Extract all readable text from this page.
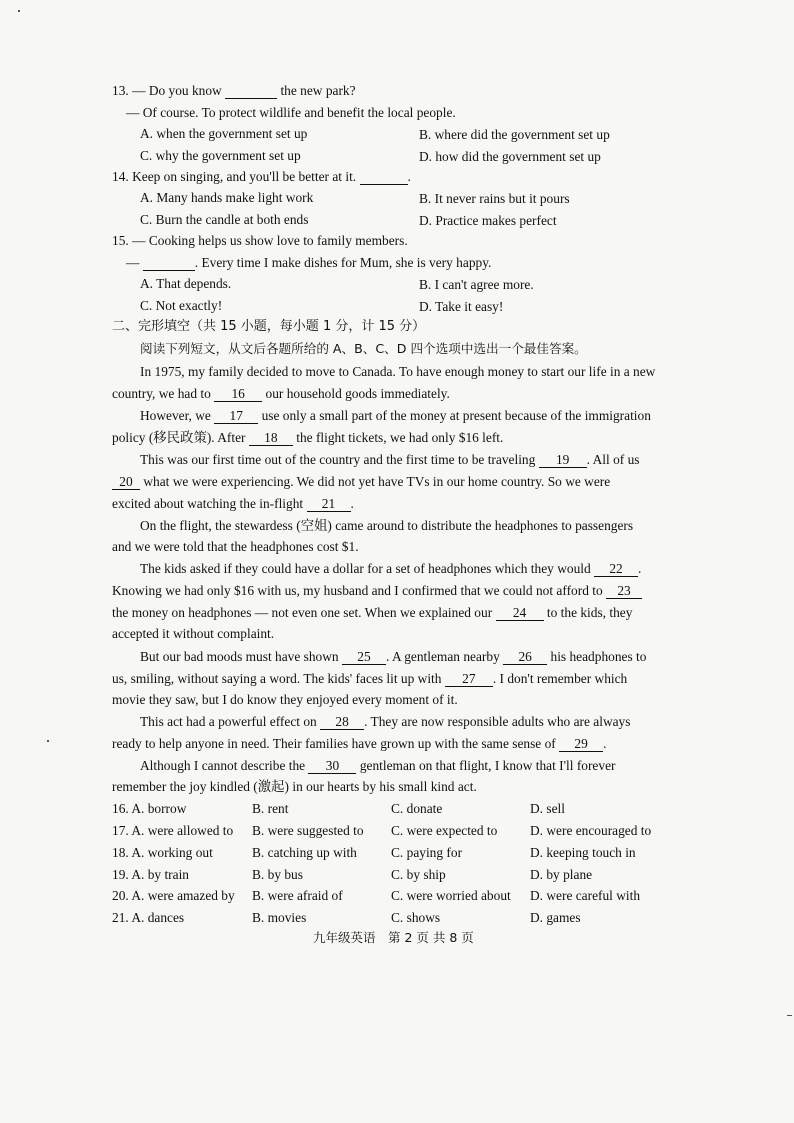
13. — Do you know	the new park?
— Of course. To protect wildlife and benefit the local people.
A. when the government set up	B. where did the government set up
C. why the government set up	D. how did the government set up
14. Keep on singing, and you'll be better at it.	.
A. Many hands make light work	B. It never rains but it pours
C. Burn the candle at both ends	D. Practice makes perfect
15. — Cooking helps us show love to family members.
—	. Every time I make dishes for Mum, she is very happy.
A. That depends.	B. I can't agree more.
C. Not exactly!	D. Take it easy!
二、完形填空（共 15 小题，每小题 1 分，计 15 分）
阅读下列短文，从文后各题所给的 A、B、C、D 四个选项中选出一个最佳答案。
In 1975, my family decided to move to Canada. To have enough money to start our life in a new
country, we had to 16 our household goods immediately.
However, we 17 use only a small part of the money at present because of the immigration
policy (移民政策). After 18 the flight tickets, we had only $16 left.
This was our first time out of the country and the first time to be traveling 19 . All of us
20 what we were experiencing. We did not yet have TVs in our home country. So we were
excited about watching the in-flight 21 .
On the flight, the stewardess (空姐) came around to distribute the headphones to passengers
and we were told that the headphones cost $1.
The kids asked if they could have a dollar for a set of headphones which they would 22 .
Knowing we had only $16 with us, my husband and I confirmed that we could not afford to 23
the money on headphones — not even one set. When we explained our 24 to the kids, they
accepted it without complaint.
But our bad moods must have shown 25 . A gentleman nearby 26 his headphones to
us, smiling, without saying a word. The kids' faces lit up with 27 . I don't remember which
movie they saw, but I do know they enjoyed every moment of it.
This act had a powerful effect on 28 . They are now responsible adults who are always
ready to help anyone in need. Their families have grown up with the same sense of 29 .
Although I cannot describe the 30 gentleman on that flight, I know that I'll forever
remember the joy kindled (激起) in our hearts by his small kind act.
16. A. borrow	B. rent	C. donate	D. sell
17. A. were allowed to B. were suggested to C. were expected to D. were encouraged to
18. A. working out	B. catching up with	C. paying for	D. keeping touch in
19. A. by train	B. by bus	C. by ship	D. by plane
20. A. were amazed by B. were afraid of	C. were worried about D. were careful with
21. A. dances	B. movies	C. shows	D. games
九年级英语　第 2 页 共 8 页
